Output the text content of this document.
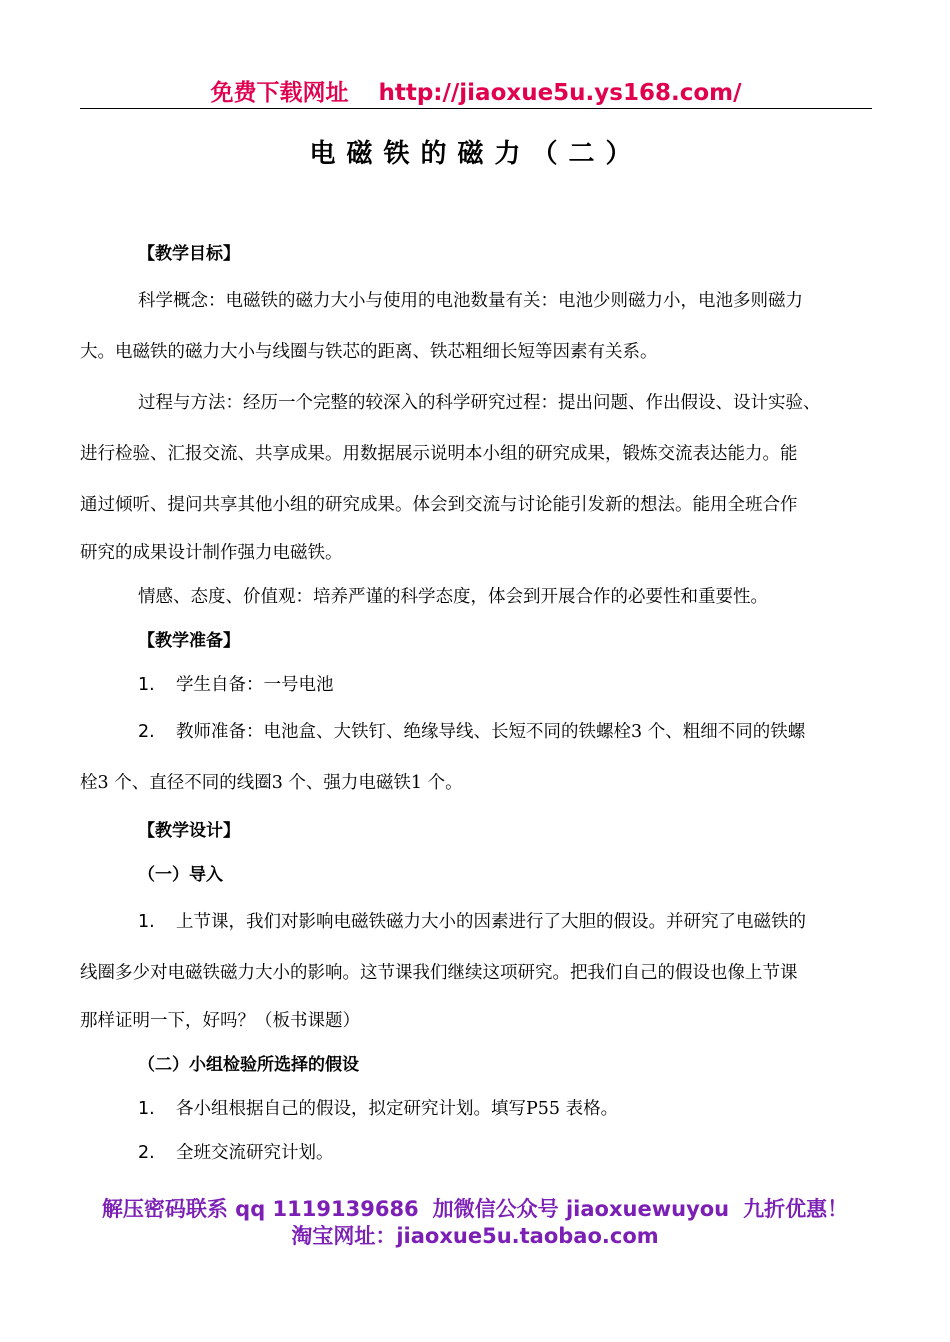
免费下载网址 http://jiaoxue5u.ys168.com/
电磁铁的磁力（二）
【教学目标】
科学概念：电磁铁的磁力大小与使用的电池数量有关：电池少则磁力小，电池多则磁力
大。电磁铁的磁力大小与线圈与铁芯的距离、铁芯粗细长短等因素有关系。
过程与方法：经历一个完整的较深入的科学研究过程：提出问题、作出假设、设计实验、
进行检验、汇报交流、共享成果。用数据展示说明本小组的研究成果，锻炼交流表达能力。能
通过倾听、提问共享其他小组的研究成果。体会到交流与讨论能引发新的想法。能用全班合作
研究的成果设计制作强力电磁铁。
情感、态度、价值观：培养严谨的科学态度，体会到开展合作的必要性和重要性。
【教学准备】
1. 学生自备：一号电池
2. 教师准备：电池盒、大铁钉、绝缘导线、长短不同的铁螺栓3 个、粗细不同的铁螺
栓3 个、直径不同的线圈3 个、强力电磁铁1 个。
【教学设计】
（一）导入
1. 上节课，我们对影响电磁铁磁力大小的因素进行了大胆的假设。并研究了电磁铁的
线圈多少对电磁铁磁力大小的影响。这节课我们继续这项研究。把我们自己的假设也像上节课
那样证明一下，好吗？（板书课题）
（二）小组检验所选择的假设
1. 各小组根据自己的假设，拟定研究计划。填写P55 表格。
2. 全班交流研究计划。
解压密码联系 qq 1119139686 加微信公众号 jiaoxuewuyou 九折优惠！
淘宝网址：jiaoxue5u.taobao.com
